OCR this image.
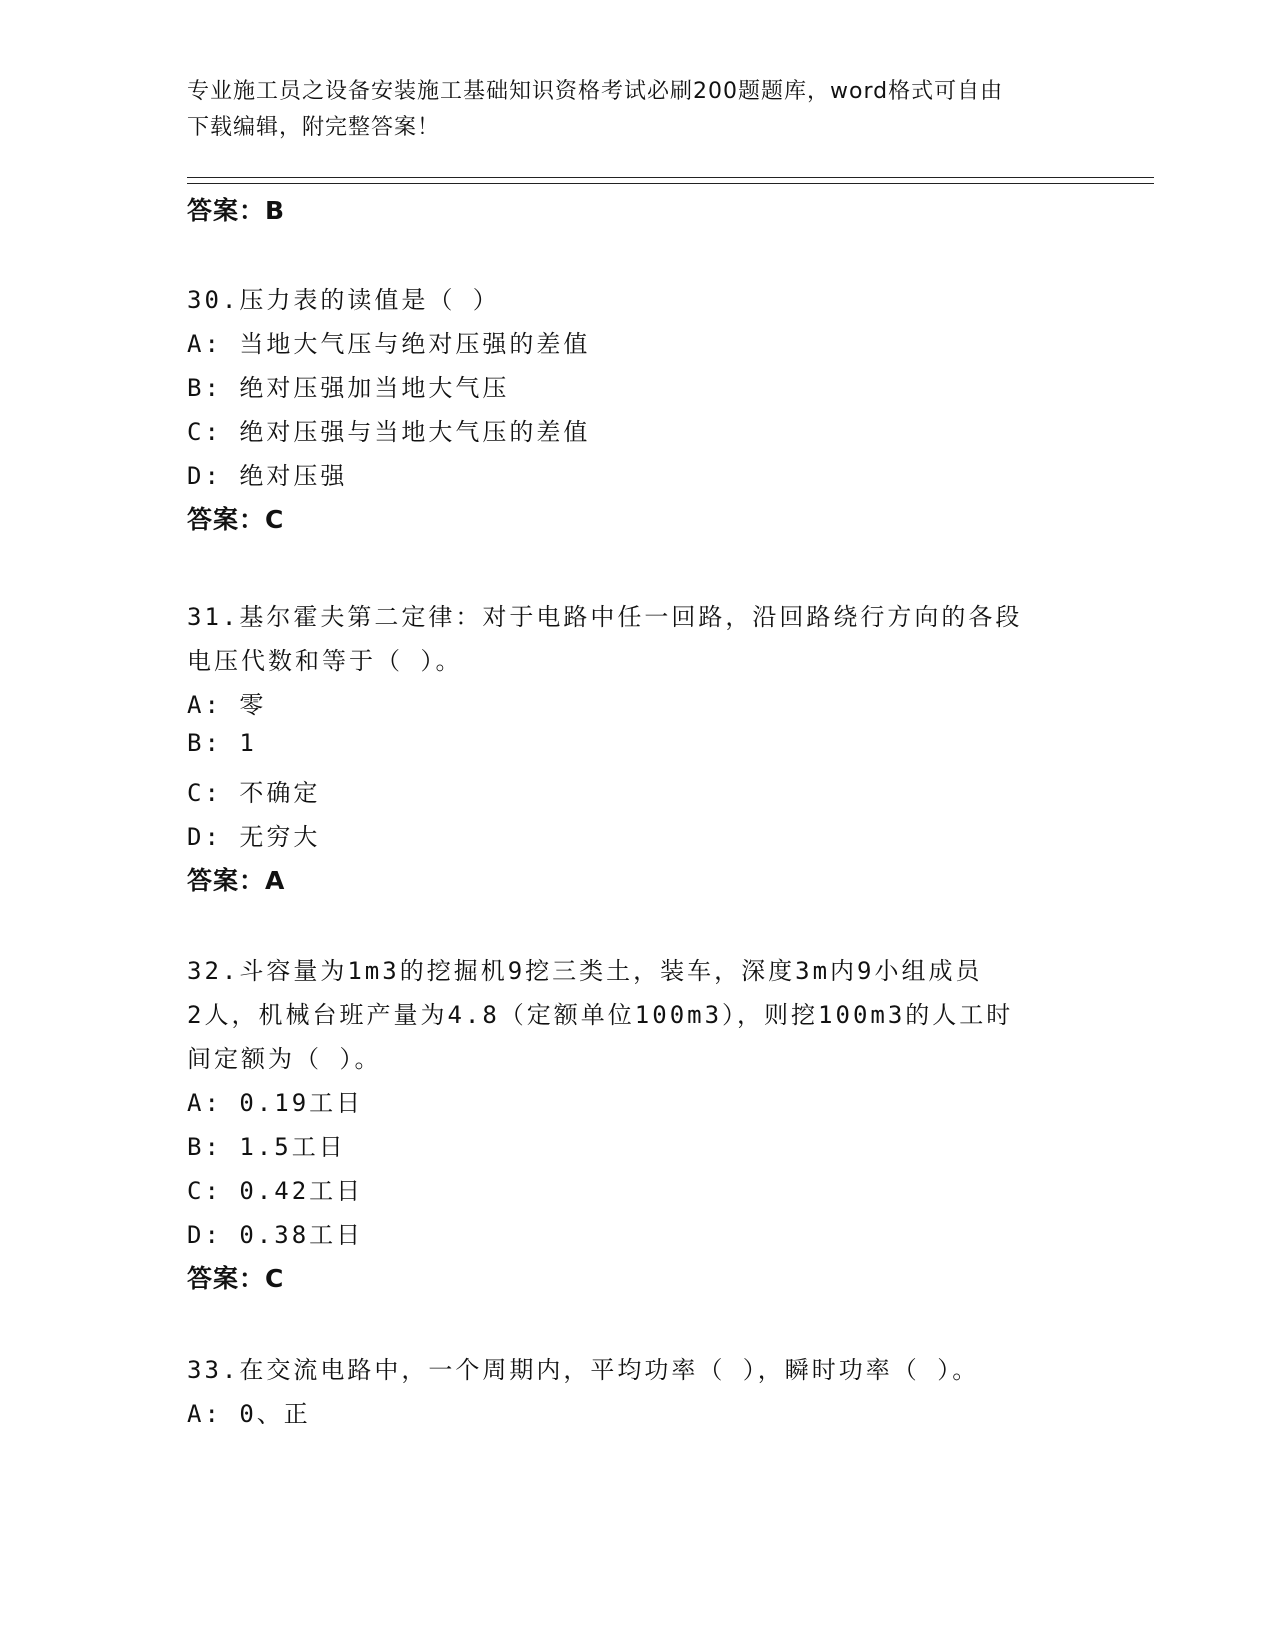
专业施工员之设备安装施工基础知识资格考试必刷200题题库，word格式可自由
下载编辑，附完整答案！
答案：B
30.压力表的读值是（ ）
A: 当地大气压与绝对压强的差值
B: 绝对压强加当地大气压
C: 绝对压强与当地大气压的差值
D: 绝对压强
答案：C
31.基尔霍夫第二定律：对于电路中任一回路，沿回路绕行方向的各段
电压代数和等于（ ）。
A: 零
B: 1
C: 不确定
D: 无穷大
答案：A
32.斗容量为1m3的挖掘机9挖三类土，装车，深度3m内9小组成员
2人，机械台班产量为4.8（定额单位100m3），则挖100m3的人工时
间定额为（ ）。
A: 0.19工日
B: 1.5工日
C: 0.42工日
D: 0.38工日
答案：C
33.在交流电路中，一个周期内，平均功率（ ），瞬时功率（ ）。
A: 0、正
